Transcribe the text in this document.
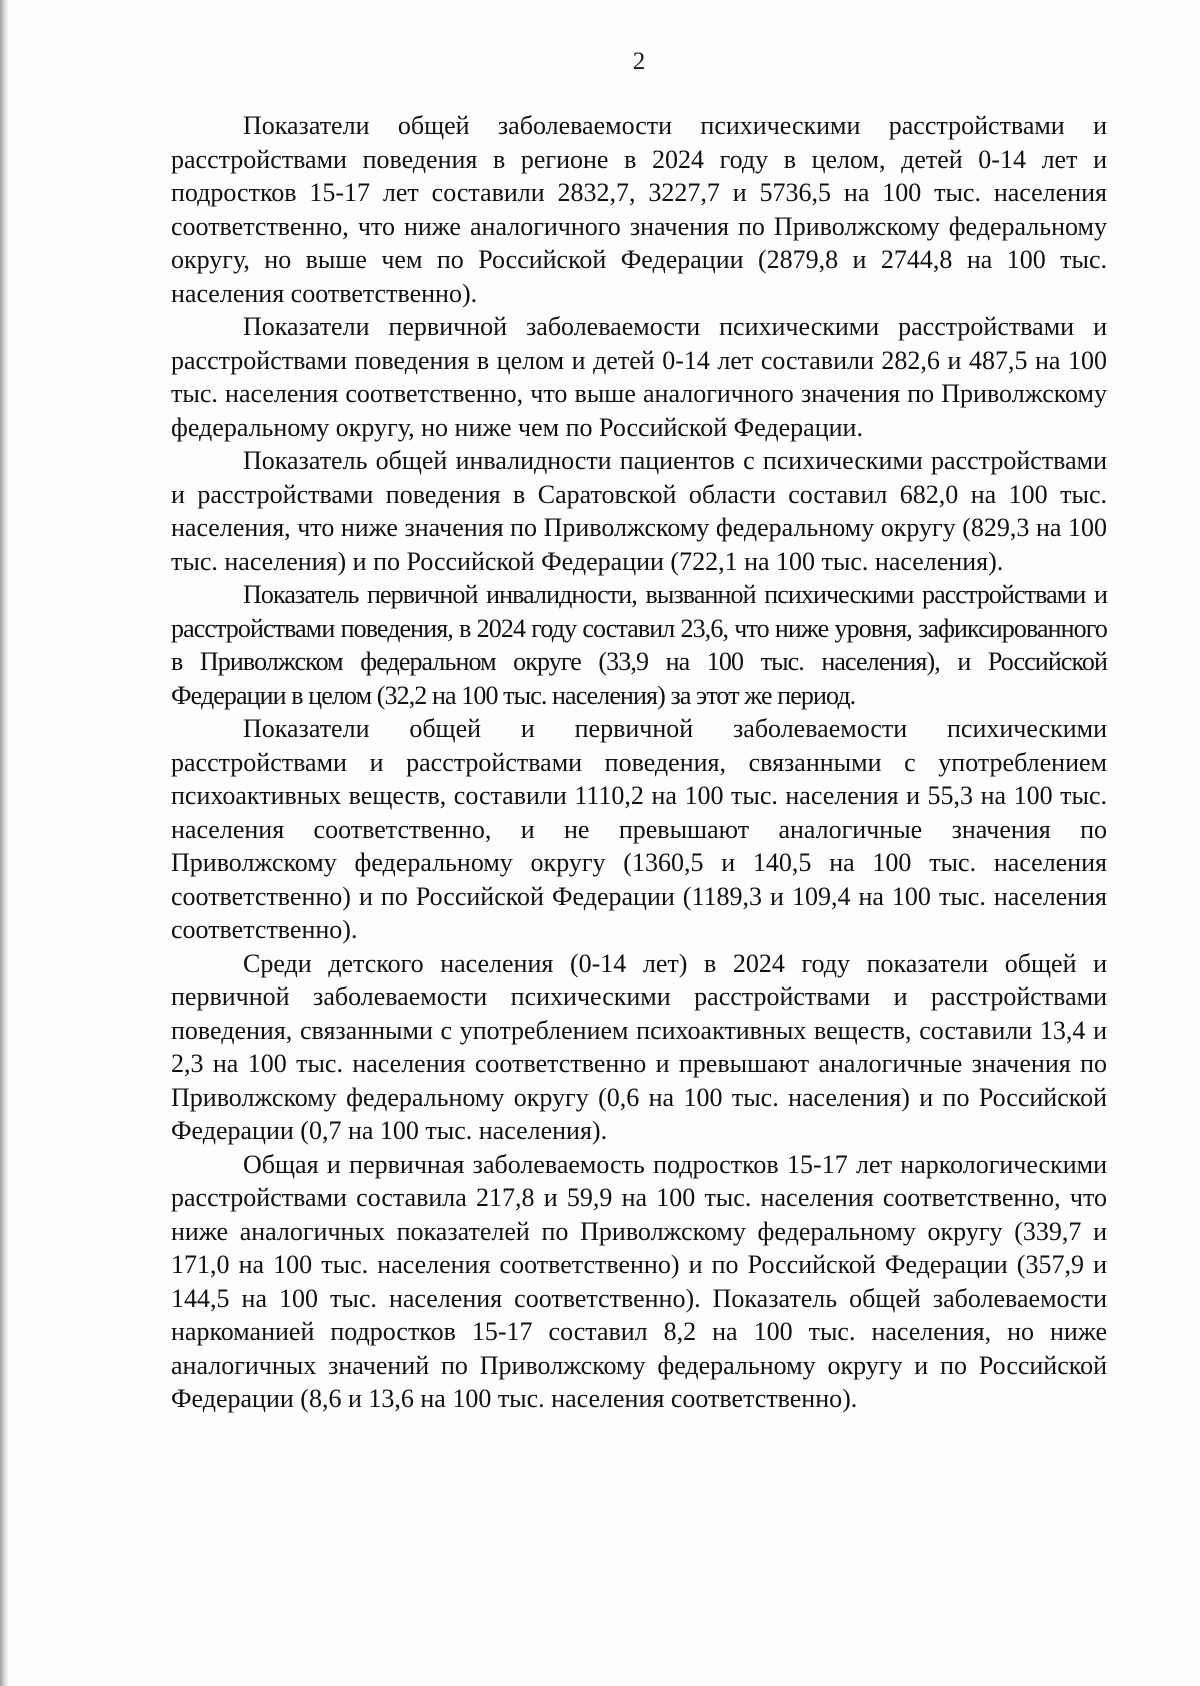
2

Показатели общей заболеваемости психическими расстройствами и расстройствами поведения в регионе в 2024 году в целом, детей 0-14 лет и подростков 15-17 лет составили 2832,7, 3227,7 и 5736,5 на 100 тыс. населения соответственно, что ниже аналогичного значения по Приволжскому федеральному округу, но выше чем по Российской Федерации (2879,8 и 2744,8 на 100 тыс. населения соответственно).

Показатели первичной заболеваемости психическими расстройствами и расстройствами поведения в целом и детей 0-14 лет составили 282,6 и 487,5 на 100 тыс. населения соответственно, что выше аналогичного значения по Приволжскому федеральному округу, но ниже чем по Российской Федерации.

Показатель общей инвалидности пациентов с психическими расстройствами и расстройствами поведения в Саратовской области составил 682,0 на 100 тыс. населения, что ниже значения по Приволжскому федеральному округу (829,3 на 100 тыс. населения) и по Российской Федерации (722,1 на 100 тыс. населения).

Показатель первичной инвалидности, вызванной психическими расстройствами и расстройствами поведения, в 2024 году составил 23,6, что ниже уровня, зафиксированного в Приволжском федеральном округе (33,9 на 100 тыс. населения), и Российской Федерации в целом (32,2 на 100 тыс. населения) за этот же период.

Показатели общей и первичной заболеваемости психическими расстройствами и расстройствами поведения, связанными с употреблением психоактивных веществ, составили 1110,2 на 100 тыс. населения и 55,3 на 100 тыс. населения соответственно, и не превышают аналогичные значения по Приволжскому федеральному округу (1360,5 и 140,5 на 100 тыс. населения соответственно) и по Российской Федерации (1189,3 и 109,4 на 100 тыс. населения соответственно).

Среди детского населения (0-14 лет) в 2024 году показатели общей и первичной заболеваемости психическими расстройствами и расстройствами поведения, связанными с употреблением психоактивных веществ, составили 13,4 и 2,3 на 100 тыс. населения соответственно и превышают аналогичные значения по Приволжскому федеральному округу (0,6 на 100 тыс. населения) и по Российской Федерации (0,7 на 100 тыс. населения).

Общая и первичная заболеваемость подростков 15-17 лет наркологическими расстройствами составила 217,8 и 59,9 на 100 тыс. населения соответственно, что ниже аналогичных показателей по Приволжскому федеральному округу (339,7 и 171,0 на 100 тыс. населения соответственно) и по Российской Федерации (357,9 и 144,5 на 100 тыс. населения соответственно). Показатель общей заболеваемости наркоманией подростков 15-17 составил 8,2 на 100 тыс. населения, но ниже аналогичных значений по Приволжскому федеральному округу и по Российской Федерации (8,6 и 13,6 на 100 тыс. населения соответственно).
